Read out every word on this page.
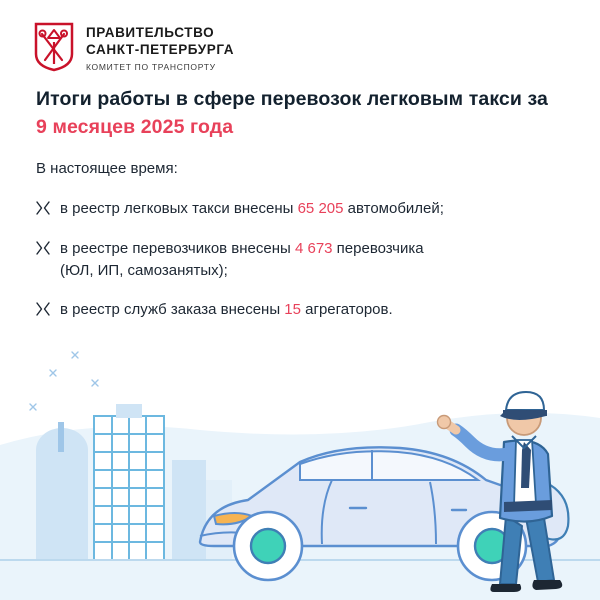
ПРАВИТЕЛЬСТВО
САНКТ-ПЕТЕРБУРГА
КОМИТЕТ ПО ТРАНСПОРТУ
Итоги работы в сфере перевозок легковым такси за 9 месяцев 2025 года
В настоящее время:
в реестр легковых такси внесены 65 205 автомобилей;
в реестре перевозчиков внесены 4 673 перевозчика
(ЮЛ, ИП, самозанятых);
в реестр служб заказа внесены 15 агрегаторов.
